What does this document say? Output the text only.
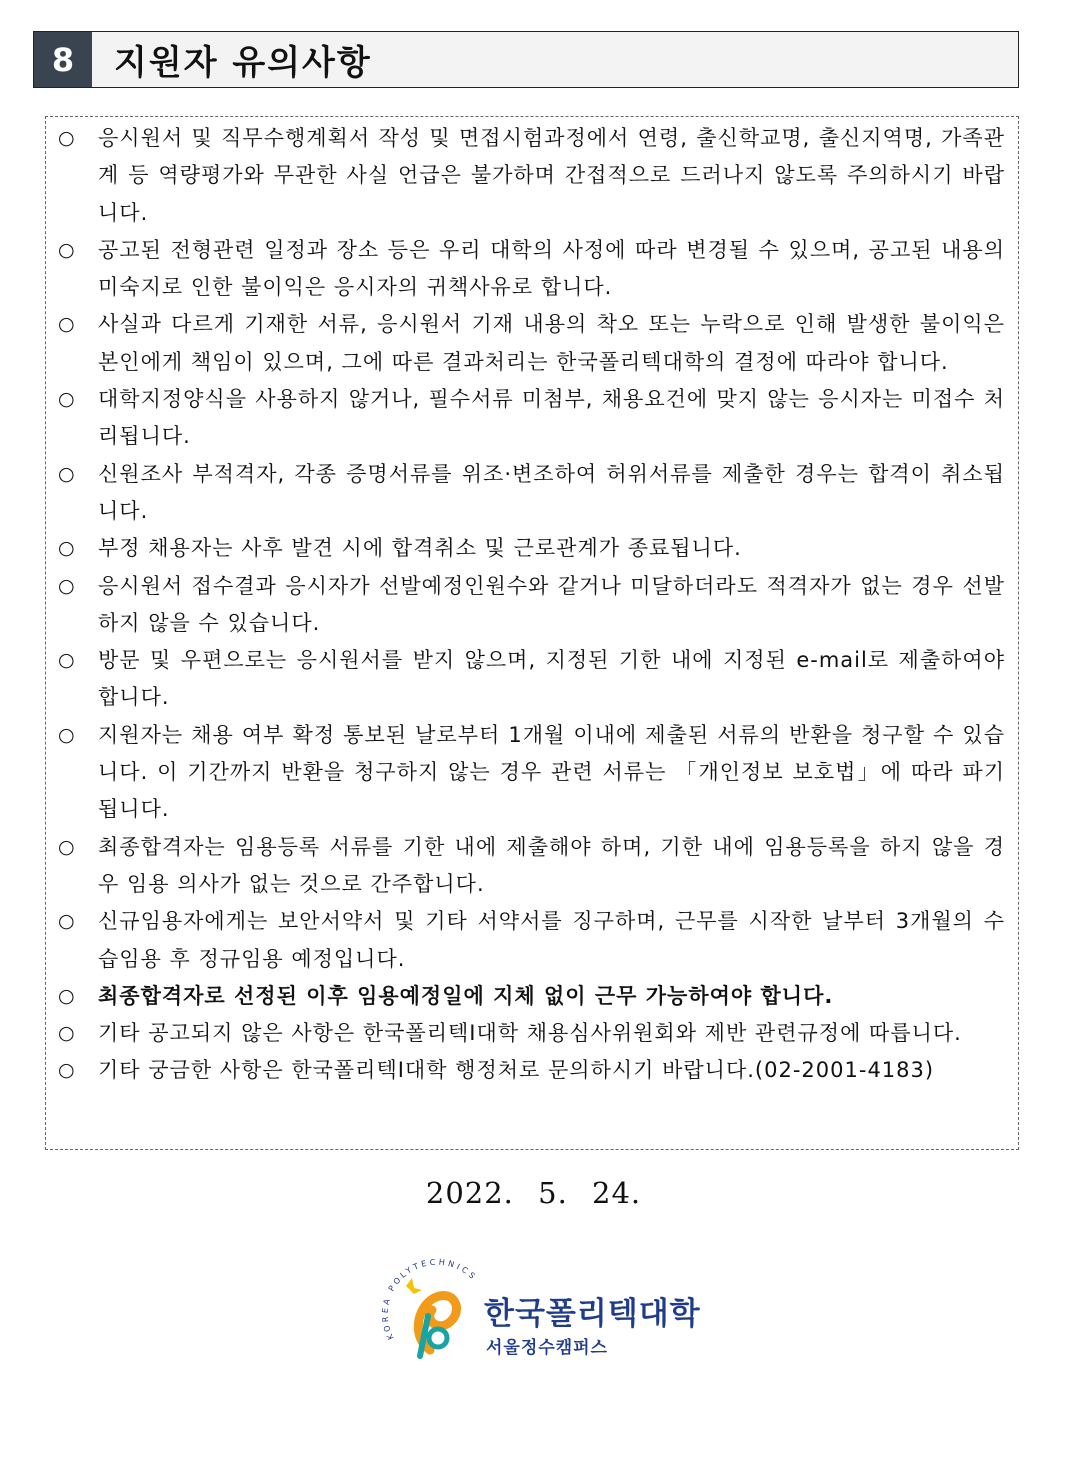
8	지원자 유의사항

○	응시원서 및 직무수행계획서 작성 및 면접시험과정에서 연령, 출신학교명, 출신지역명, 가족관계 등 역량평가와 무관한 사실 언급은 불가하며 간접적으로 드러나지 않도록 주의하시기 바랍니다.

○	공고된 전형관련 일정과 장소 등은 우리 대학의 사정에 따라 변경될 수 있으며, 공고된 내용의 미숙지로 인한 불이익은 응시자의 귀책사유로 합니다.

○	사실과 다르게 기재한 서류, 응시원서 기재 내용의 착오 또는 누락으로 인해 발생한 불이익은 본인에게 책임이 있으며, 그에 따른 결과처리는 한국폴리텍대학의 결정에 따라야 합니다.

○	대학지정양식을 사용하지 않거나, 필수서류 미첨부, 채용요건에 맞지 않는 응시자는 미접수 처리됩니다.

○	신원조사 부적격자, 각종 증명서류를 위조·변조하여 허위서류를 제출한 경우는 합격이 취소됩니다.

○	부정 채용자는 사후 발견 시에 합격취소 및 근로관계가 종료됩니다.

○	응시원서 접수결과 응시자가 선발예정인원수와 같거나 미달하더라도 적격자가 없는 경우 선발하지 않을 수 있습니다.

○	방문 및 우편으로는 응시원서를 받지 않으며, 지정된 기한 내에 지정된 e-mail로 제출하여야 합니다.

○	지원자는 채용 여부 확정 통보된 날로부터 1개월 이내에 제출된 서류의 반환을 청구할 수 있습니다. 이 기간까지 반환을 청구하지 않는 경우 관련 서류는 「개인정보 보호법」에 따라 파기됩니다.

○	최종합격자는 임용등록 서류를 기한 내에 제출해야 하며, 기한 내에 임용등록을 하지 않을 경우 임용 의사가 없는 것으로 간주합니다.

○	신규임용자에게는 보안서약서 및 기타 서약서를 징구하며, 근무를 시작한 날부터 3개월의 수습임용 후 정규임용 예정입니다.

○	최종합격자로 선정된 이후 임용예정일에 지체 없이 근무 가능하여야 합니다.

○	기타 공고되지 않은 사항은 한국폴리텍Ⅰ대학 채용심사위원회와 제반 관련규정에 따릅니다.

○	기타 궁금한 사항은 한국폴리텍Ⅰ대학 행정처로 문의하시기 바랍니다.(02-2001-4183)

2022. 5. 24.
KOREA POLYTECHNICS
한국폴리텍대학
서울정수캠퍼스
